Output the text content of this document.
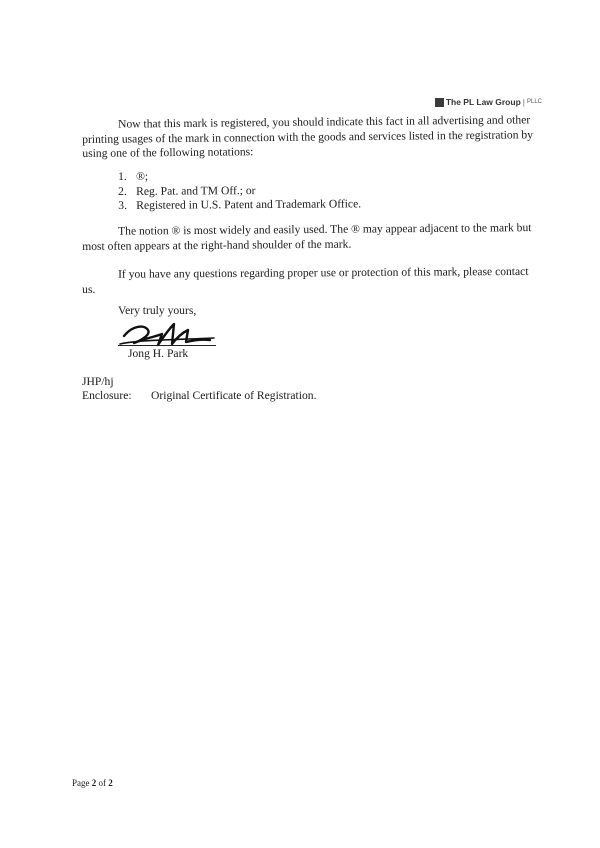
The PL Law Group | PLLC

Now that this mark is registered, you should indicate this fact in all advertising and other printing usages of the mark in connection with the goods and services listed in the registration by using one of the following notations:

1. ®;
2. Reg. Pat. and TM Off.; or
3. Registered in U.S. Patent and Trademark Office.

The notion ® is most widely and easily used. The ® may appear adjacent to the mark but most often appears at the right-hand shoulder of the mark.

If you have any questions regarding proper use or protection of this mark, please contact us.

Very truly yours,

Jong H. Park

JHP/hj

Enclosure:	Original Certificate of Registration.

Page 2 of 2
